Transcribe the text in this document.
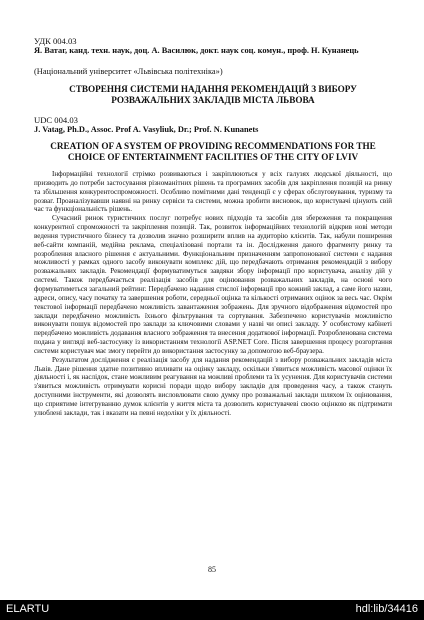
УДК 004.03
Я. Ватаг, канд. техн. наук, доц. А. Василюк, докт. наук соц. комун., проф. Н. Кунанець
(Національний університет «Львівська політехніка»)
СТВОРЕННЯ СИСТЕМИ НАДАННЯ РЕКОМЕНДАЦІЙ З ВИБОРУ РОЗВАЖАЛЬНИХ ЗАКЛАДІВ МІСТА ЛЬВОВА
UDC 004.03
J. Vatag, Ph.D., Assoc. Prof A. Vasyliuk, Dr.; Prof. N. Kunanets
CREATION OF A SYSTEM OF PROVIDING RECOMMENDATIONS FOR THE CHOICE OF ENTERTAINMENT FACILITIES OF THE CITY OF LVIV

Інформаційні технології стрімко розвиваються і закріплюються у всіх галузях людської діяльності, що призводить до потреби застосування різноманітних рішень та програмних засобів для закріплення позицій на ринку та збільшення конкурентоспроможності. Особливо помітними дані тенденції є у сферах обслуговування, туризму та розваг. Проаналізувавши наявні на ринку сервіси та системи, можна зробити висновок, що користувачі цінують свій час та функціональність рішень.

Сучасний ринок туристичних послуг потребує нових підходів та засобів для збереження та покращення конкурентної спроможності та закріплення позицій. Так, розвиток інформаційних технологій відкрив нові методи ведення туристичного бізнесу та дозволив значно розширити вплив на аудиторію клієнтів. Так, набули поширення веб-сайти компаній, медійна реклама, спеціалізовані портали та ін. Дослідження даного фрагменту ринку та розроблення власного рішення є актуальними. Функціональним призначенням запропонованої системи є надання можливості у рамках одного засобу виконувати комплекс дій, що передбачають отримання рекомендацій з вибору розважальних закладів. Рекомендації формуватимуться завдяки збору інформації про користувача, аналізу дій у системі. Також передбачається реалізація засобів для оцінювання розважальних закладів, на основі чого формуватиметься загальний рейтинг. Передбачено надання стислої інформації про кожний заклад, а саме його назви, адреси, опису, часу початку та завершення роботи, середньої оцінка та кількості отриманих оцінок за весь час. Окрім текстової інформації передбачено можливість завантаження зображень. Для зручного відображення відомостей про заклади передбачено можливість їхнього фільтрування та сортування. Забезпечено користувачів можливістю виконувати пошук відомостей про заклади за ключовими словами у назві чи описі закладу. У особистому кабінеті передбачено можливість додавання власного зображення та внесення додаткової інформації. Розробленована система подана у вигляді веб-застосунку із використанням технології ASP.NET Core. Після завершення процесу розгортання системи користувач має змогу перейти до використання застосунку за допомогою веб-браузера.

Результатом дослідження є реалізація засобу для надання рекомендацій з вибору розважальних закладів міста Львів. Дане рішення здатне позитивно впливати на оцінку закладу, оскільки з'явиться можливість масової оцінки їх діяльності і, як наслідок, стане можливим реагування на можливі проблеми та їх усунення. Для користувачів системи з'явиться можливість отримувати корисні поради щодо вибору закладів для проведення часу, а також стануть доступними інструменти, які дозволять висловлювати свою думку про розважальні заклади шляхом їх оцінювання, що сприятиме інтегруванню думок клієнтів у життя міста та дозволить користувачеві своєю оцінкою як підтримати улюблені заклади, так і вказати на певні недоліки у їх діяльності.

85
ELARTU	hdl:lib/34416
